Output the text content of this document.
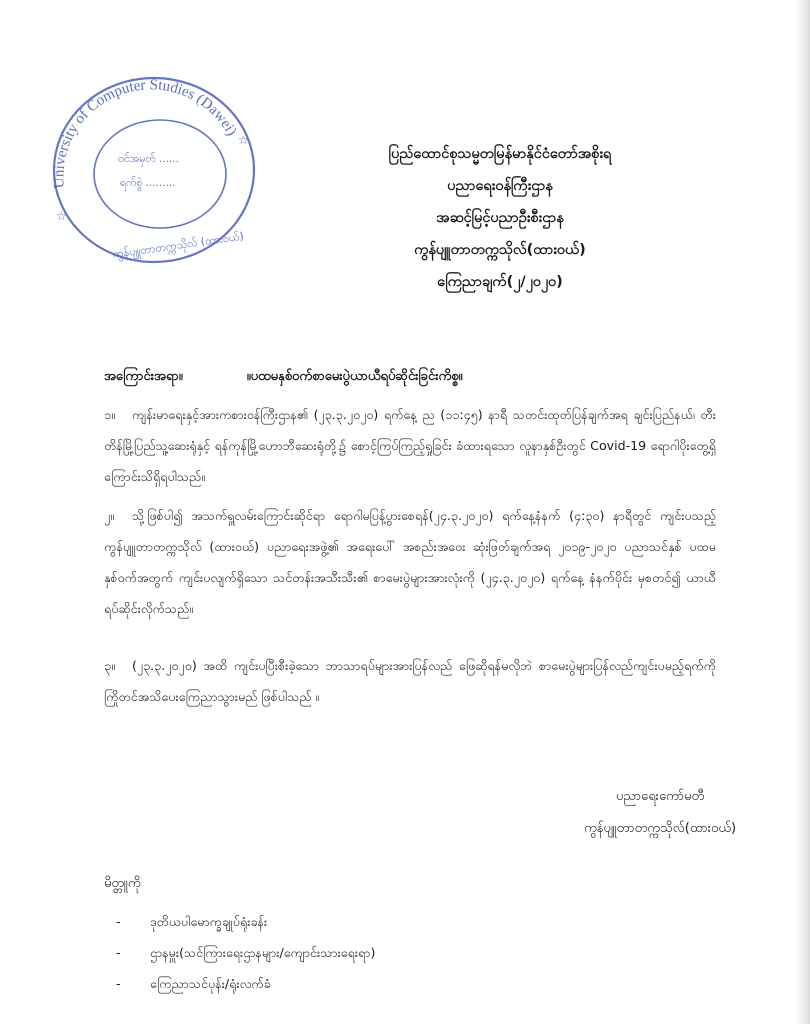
University of Computer Studies (Dawei)
ဝင်အမှတ် ......
ရက်စွဲ .........
ကွန်ပျူတာတက္ကသိုလ် (ထားဝယ်)
☆
☆
ပြည်ထောင်စုသမ္မတမြန်မာနိုင်ငံတော်အစိုးရ
ပညာရေးဝန်ကြီးဌာန
အဆင့်မြင့်ပညာဦးစီးဌာန
ကွန်ပျူတာတက္ကသိုလ်(ထားဝယ်)
ကြေညာချက်(၂/၂၀၂၀)
အကြောင်းအရာ။	။ပထမနှစ်ဝက်စာမေးပွဲယာယီရပ်ဆိုင်းခြင်းကိစ္စ။
၁။ ကျန်းမာရေးနှင့်အားကစားဝန်ကြီးဌာန၏ (၂၃.၃.၂၀၂၀) ရက်နေ့ ည (၁၁:၄၅) နာရီ သတင်းထုတ်ပြန်ချက်အရ ချင်းပြည်နယ်၊ တီးတိန်မြို့ပြည်သူ့ဆေးရုံနှင့် ရန်ကုန်မြို့ဟောဘီဆေးရုံတို့၌ စောင့်ကြပ်ကြည့်ရှုခြင်း ခံထားရသော လူနာနှစ်ဦးတွင် Covid-19 ရောဂါပိုးတွေ့ရှိကြောင်းသိရှိရပါသည်။
၂။ သို့ဖြစ်ပါ၍ အသက်ရှူလမ်းကြောင်းဆိုင်ရာ ရောဂါမပြန့်ပွားစေရန်(၂၄.၃.၂၀၂၀) ရက်နေ့နံနက် (၄:၃၀) နာရီတွင် ကျင်းပသည့် ကွန်ပျူတာတက္ကသိုလ် (ထားဝယ်) ပညာရေးအဖွဲ့၏ အရေးပေါ် အစည်းအဝေး ဆုံးဖြတ်ချက်အရ ၂၀၁၉-၂၀၂၀ ပညာသင်နှစ် ပထမနှစ်ဝက်အတွက် ကျင်းပလျက်ရှိသော သင်တန်းအသီးသီး၏ စာမေးပွဲများအားလုံးကို (၂၄.၃.၂၀၂၀) ရက်နေ့ နံနက်ပိုင်း မှစတင်၍ ယာယီရပ်ဆိုင်းလိုက်သည်။
၃။ (၂၃.၃.၂၀၂၀) အထိ ကျင်းပပြီးစီးခဲ့သော ဘာသာရပ်များအားပြန်လည် ဖြေဆိုရန်မလိုဘဲ စာမေးပွဲများပြန်လည်ကျင်းပမည့်ရက်ကို ကြိုတင်အသိပေးကြေညာသွားမည် ဖြစ်ပါသည် ။
ပညာရေးကော်မတီ
ကွန်ပျူတာတက္ကသိုလ်(ထားဝယ်)
မိတ္တူကို
- ဒုတိယပါမောက္ခချုပ်ရုံးခန်း
- ဌာနမှူး(သင်ကြားရေးဌာနများ/ကျောင်းသားရေးရာ)
- ကြေညာသင်ပုန်း/ရုံးလက်ခံ
